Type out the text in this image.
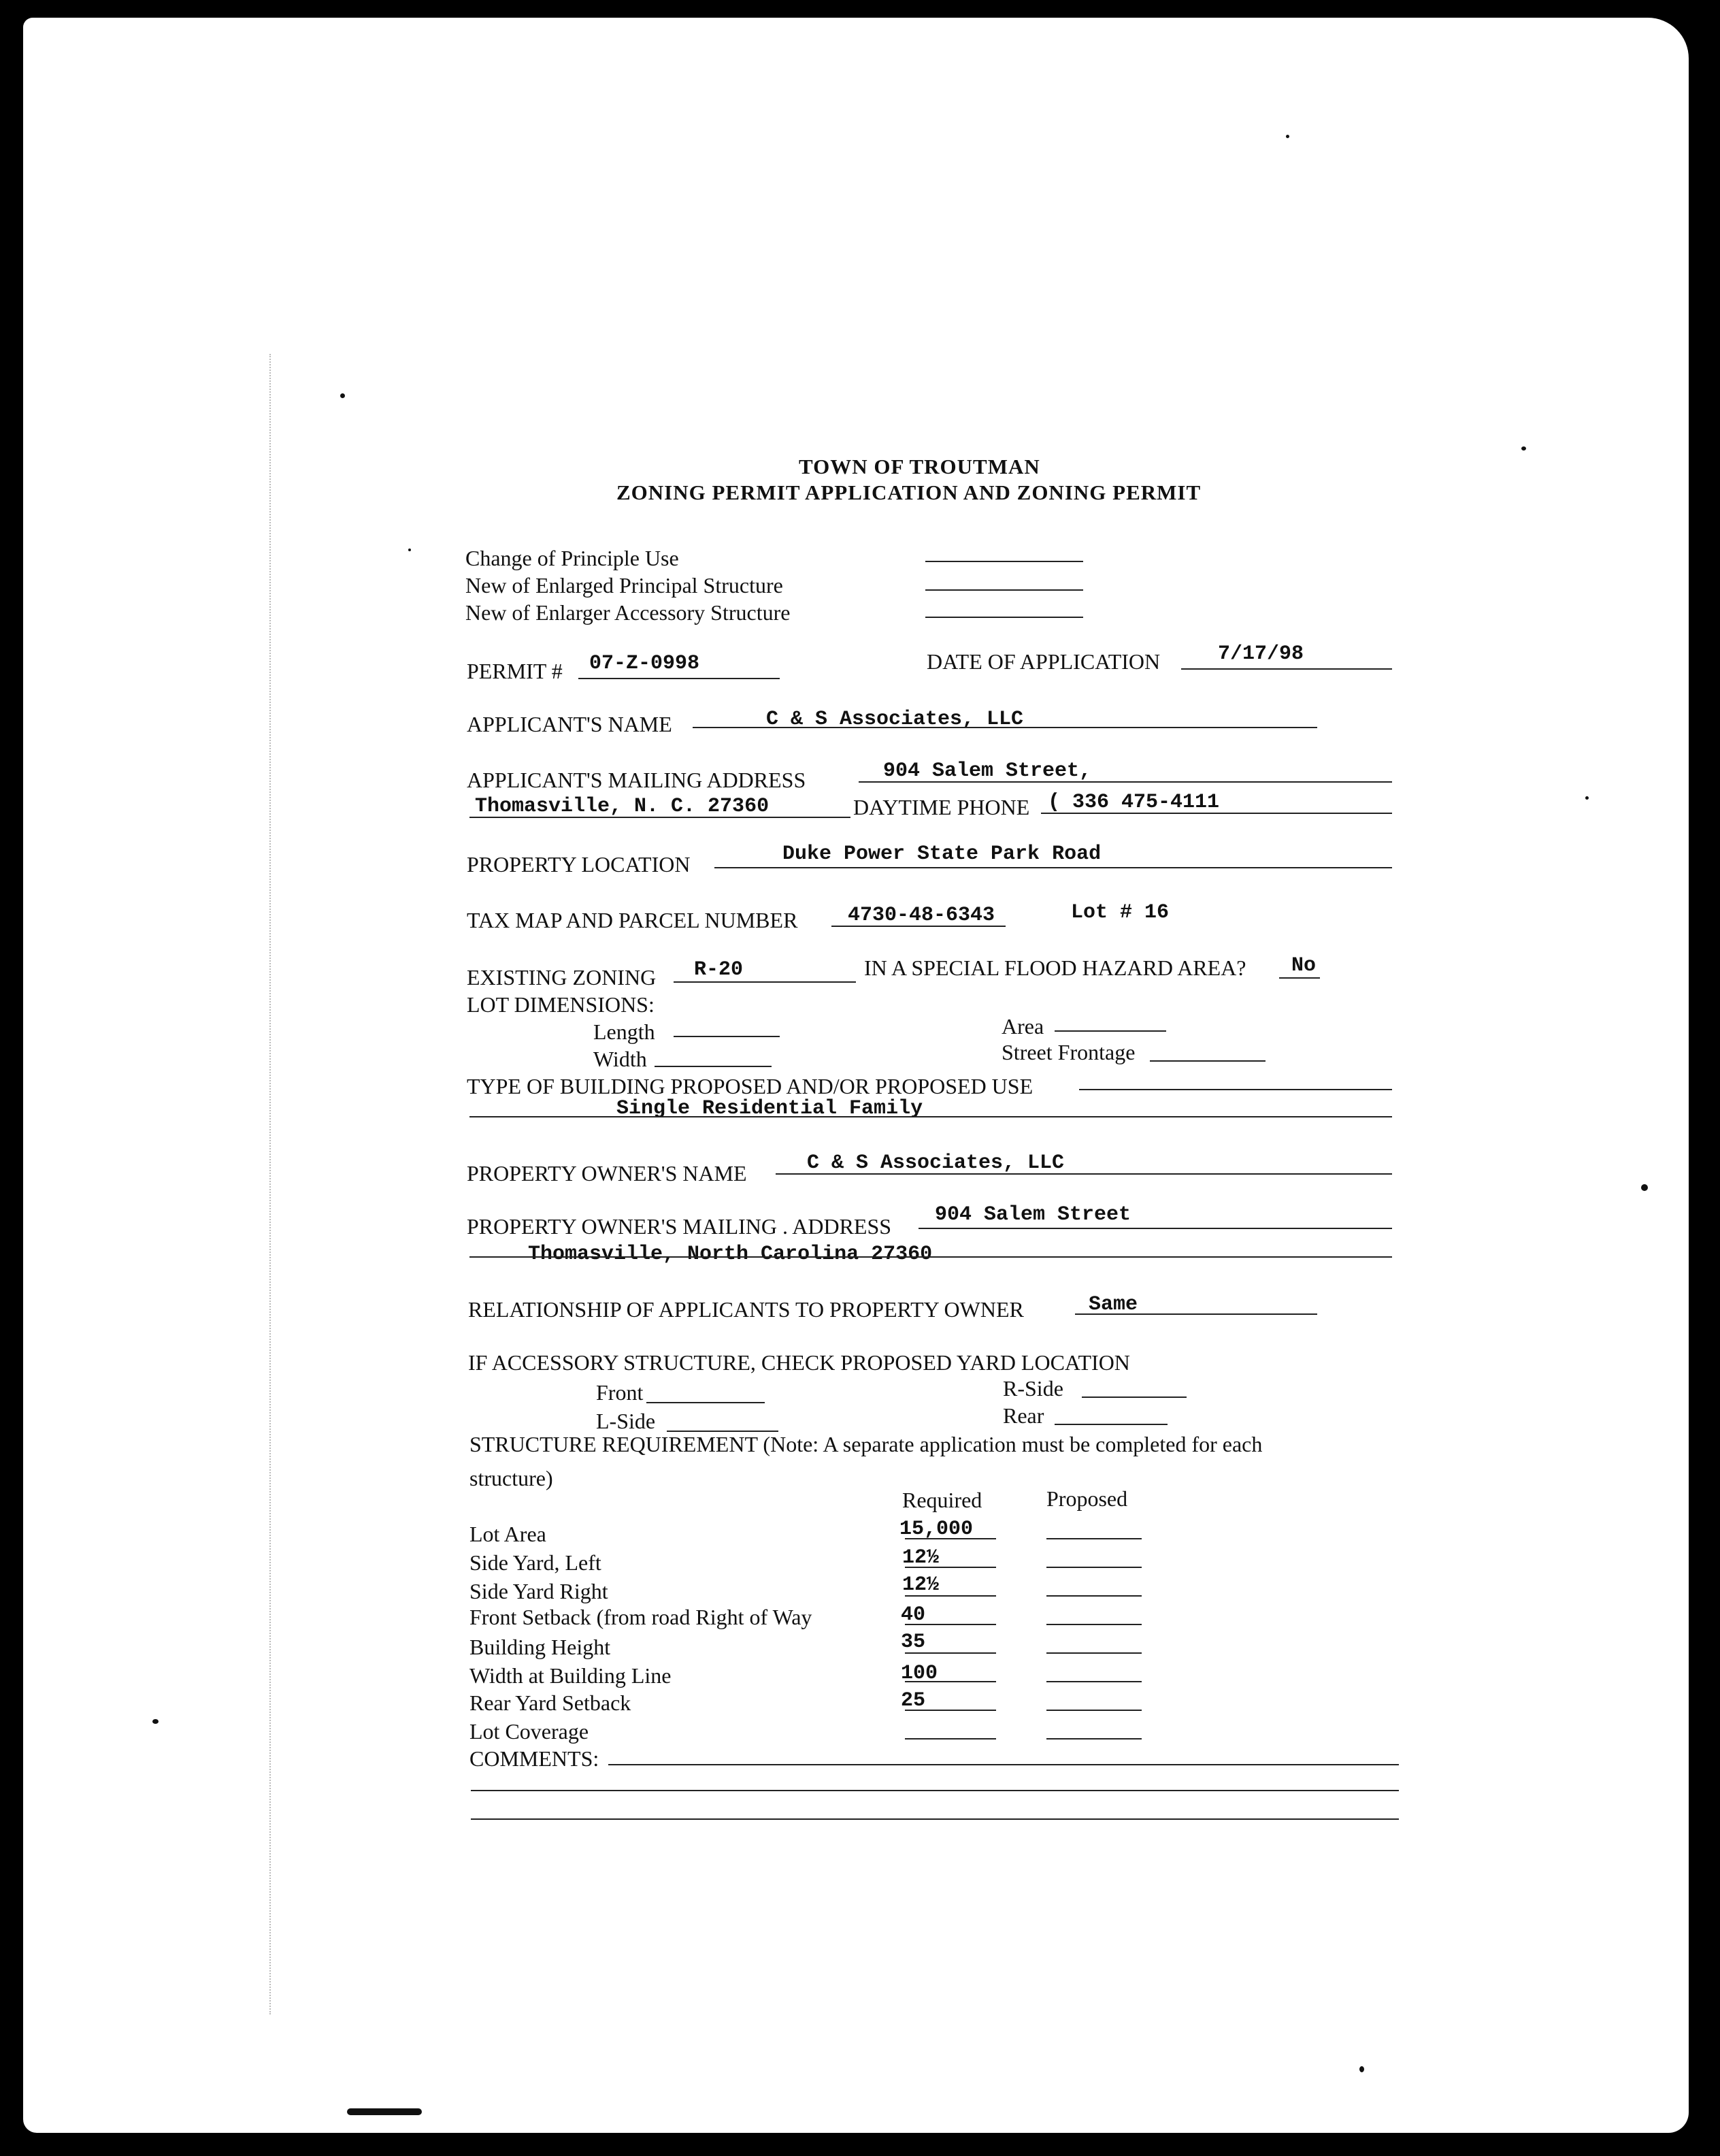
TOWN OF TROUTMAN
ZONING PERMIT APPLICATION AND ZONING PERMIT
Change of Principle Use
New of Enlarged Principal Structure
New of Enlarger Accessory Structure
PERMIT # 07-Z-0998	DATE OF APPLICATION	7/17/98
APPLICANT'S NAME	C & S Associates, LLC
APPLICANT'S MAILING ADDRESS	904 Salem Street,
Thomasville, N. C. 27360	DAYTIME PHONE ( 336 475-4111
PROPERTY LOCATION	Duke Power State Park Road
TAX MAP AND PARCEL NUMBER 4730-48-6343	Lot # 16
EXISTING ZONING R-20	IN A SPECIAL FLOOD HAZARD AREA? No
LOT DIMENSIONS:
Length
Width
Area
Street Frontage
TYPE OF BUILDING PROPOSED AND/OR PROPOSED USE
Single Residential Family
PROPERTY OWNER'S NAME	C & S Associates, LLC
PROPERTY OWNER'S MAILING . ADDRESS 904 Salem Street
Thomasville, North Carolina 27360
RELATIONSHIP OF APPLICANTS TO PROPERTY OWNER	Same
IF ACCESSORY STRUCTURE, CHECK PROPOSED YARD LOCATION
Front	R-Side
L-Side	Rear
STRUCTURE REQUIREMENT (Note: A separate application must be completed for each
structure)
Required	Proposed
Lot Area	15,000
Side Yard, Left	12½
Side Yard Right	12½
Front Setback (from road Right of Way	40
Building Height	35
Width at Building Line	100
Rear Yard Setback	25
Lot Coverage
COMMENTS:
